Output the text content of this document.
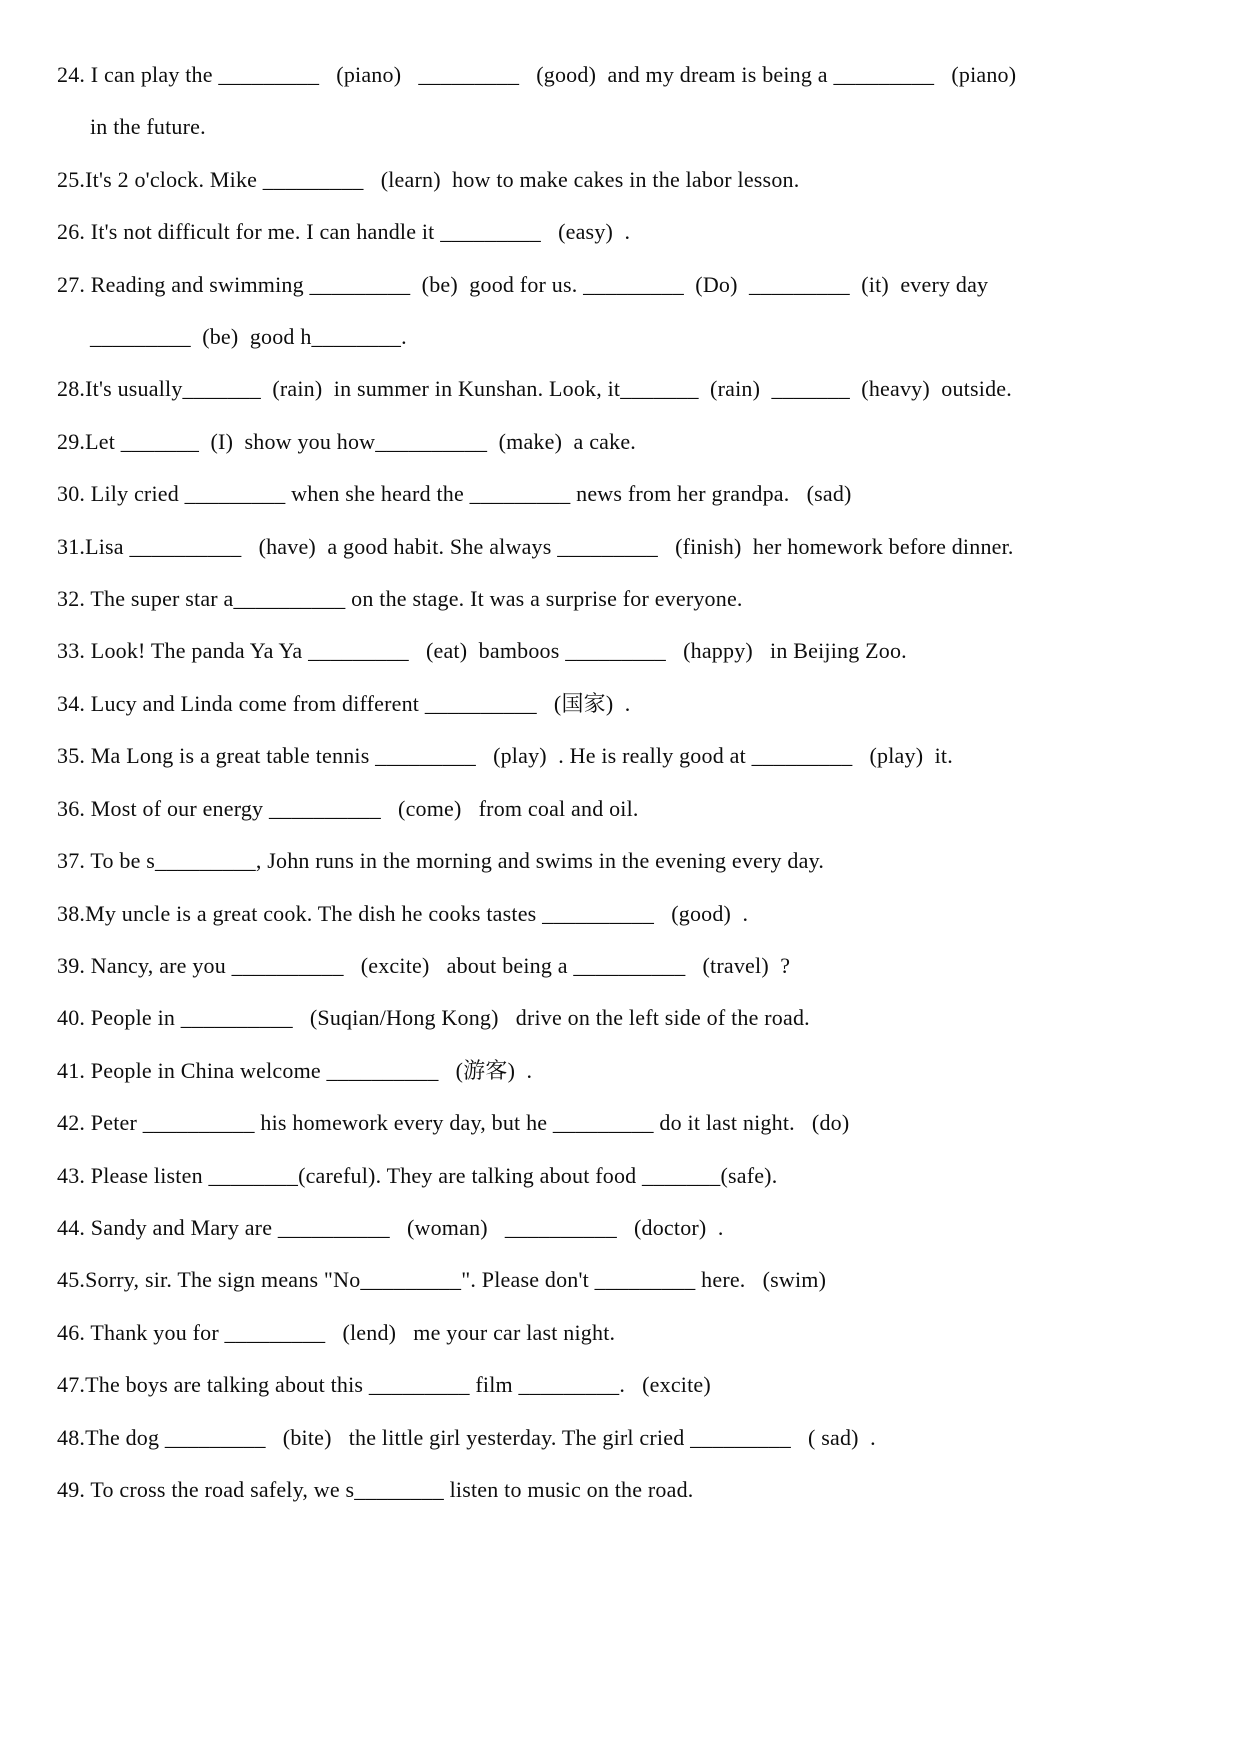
24. I can play the _________   (piano)   _________   (good)  and my dream is being a _________   (piano)
in the future.
25.It's 2 o'clock. Mike _________   (learn)  how to make cakes in the labor lesson.
26. It's not difficult for me. I can handle it _________   (easy)  .
27. Reading and swimming _________  (be)  good for us. _________  (Do)  _________  (it)  every day
_________  (be)  good h________.
28.It's usually_______  (rain)  in summer in Kunshan. Look, it_______  (rain)  _______  (heavy)  outside.
29.Let _______  (I)  show you how__________  (make)  a cake.
30. Lily cried _________ when she heard the _________ news from her grandpa.   (sad)
31.Lisa __________   (have)  a good habit. She always _________   (finish)  her homework before dinner.
32. The super star a__________ on the stage. It was a surprise for everyone.
33. Look! The panda Ya Ya _________   (eat)  bamboos _________   (happy)   in Beijing Zoo.
34. Lucy and Linda come from different __________   (国家)  .
35. Ma Long is a great table tennis _________   (play)  . He is really good at _________   (play)  it.
36. Most of our energy __________   (come)   from coal and oil.
37. To be s_________, John runs in the morning and swims in the evening every day.
38.My uncle is a great cook. The dish he cooks tastes __________   (good)  .
39. Nancy, are you __________   (excite)   about being a __________   (travel)  ?
40. People in __________   (Suqian/Hong Kong)   drive on the left side of the road.
41. People in China welcome __________   (游客)  .
42. Peter __________ his homework every day, but he _________ do it last night.   (do)
43. Please listen ________(careful). They are talking about food _______(safe).
44. Sandy and Mary are __________   (woman)   __________   (doctor)  .
45.Sorry, sir. The sign means "No_________". Please don't _________ here.   (swim)
46. Thank you for _________   (lend)   me your car last night.
47.The boys are talking about this _________ film _________.   (excite)
48.The dog _________   (bite)   the little girl yesterday. The girl cried _________   ( sad)  .
49. To cross the road safely, we s________ listen to music on the road.
